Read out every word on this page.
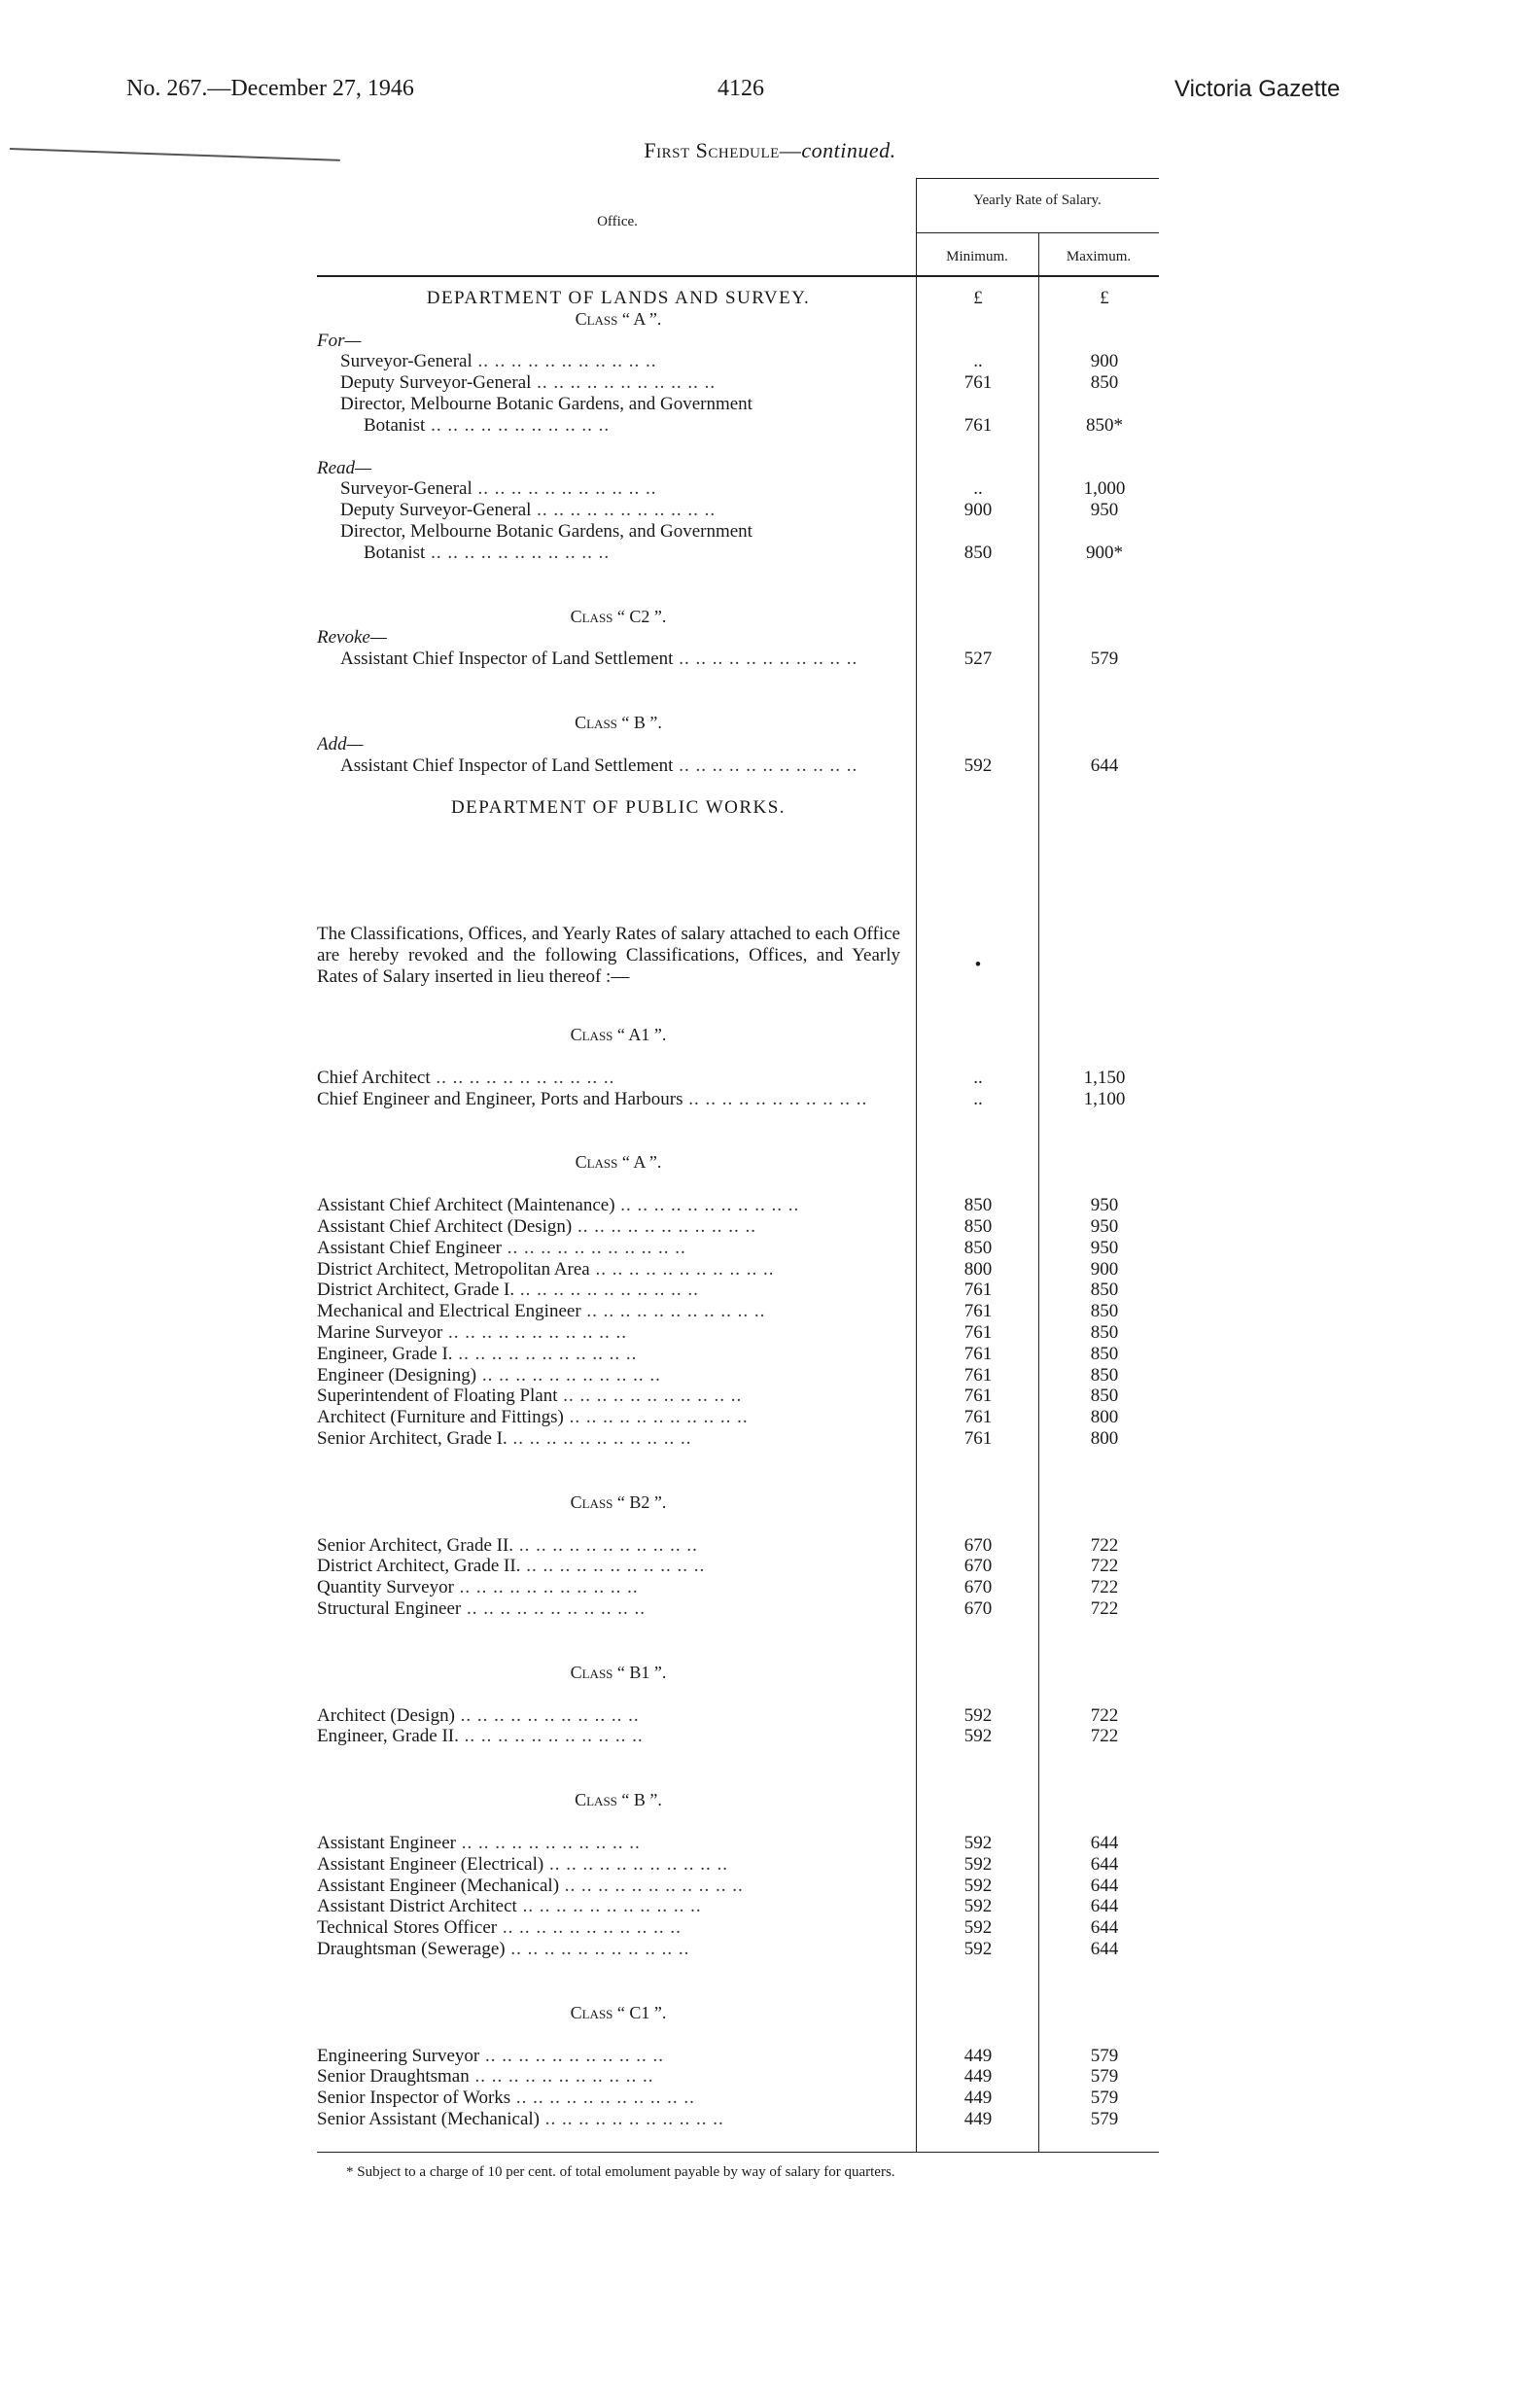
No. 267.—December 27, 1946	4126	Victoria Gazette
First Schedule—continued.
Office.
Yearly Rate of Salary.
Minimum.	Maximum.
DEPARTMENT OF LANDS AND SURVEY.	£	£
Class “ A ”.
For—
Surveyor-General .. .. .. .. .. .. .. .. .. .. ..	..	900
Deputy Surveyor-General .. .. .. .. .. .. .. .. .. .. ..	761	850
Director, Melbourne Botanic Gardens, and Government
Botanist .. .. .. .. .. .. .. .. .. .. ..	761	850*
Read—
Surveyor-General .. .. .. .. .. .. .. .. .. .. ..	..	1,000
Deputy Surveyor-General .. .. .. .. .. .. .. .. .. .. ..	900	950
Director, Melbourne Botanic Gardens, and Government
Botanist .. .. .. .. .. .. .. .. .. .. ..	850	900*
Class “ C2 ”.
Revoke—
Assistant Chief Inspector of Land Settlement .. .. .. .. .. .. .. .. .. .. ..	527	579
Class “ B ”.
Add—
Assistant Chief Inspector of Land Settlement .. .. .. .. .. .. .. .. .. .. ..	592	644
DEPARTMENT OF PUBLIC WORKS.
The Classifications, Offices, and Yearly Rates of salary attached to each Office are hereby revoked and the following Classifications, Offices, and Yearly Rates of Salary inserted in lieu thereof :—
•
Class “ A1 ”.
Chief Architect .. .. .. .. .. .. .. .. .. .. ..	..	1,150
Chief Engineer and Engineer, Ports and Harbours .. .. .. .. .. .. .. .. .. .. ..	..	1,100
Class “ A ”.
Assistant Chief Architect (Maintenance) .. .. .. .. .. .. .. .. .. .. ..	850	950
Assistant Chief Architect (Design) .. .. .. .. .. .. .. .. .. .. ..	850	950
Assistant Chief Engineer .. .. .. .. .. .. .. .. .. .. ..	850	950
District Architect, Metropolitan Area .. .. .. .. .. .. .. .. .. .. ..	800	900
District Architect, Grade I. .. .. .. .. .. .. .. .. .. .. ..	761	850
Mechanical and Electrical Engineer .. .. .. .. .. .. .. .. .. .. ..	761	850
Marine Surveyor .. .. .. .. .. .. .. .. .. .. ..	761	850
Engineer, Grade I. .. .. .. .. .. .. .. .. .. .. ..	761	850
Engineer (Designing) .. .. .. .. .. .. .. .. .. .. ..	761	850
Superintendent of Floating Plant .. .. .. .. .. .. .. .. .. .. ..	761	850
Architect (Furniture and Fittings) .. .. .. .. .. .. .. .. .. .. ..	761	800
Senior Architect, Grade I. .. .. .. .. .. .. .. .. .. .. ..	761	800
Class “ B2 ”.
Senior Architect, Grade II. .. .. .. .. .. .. .. .. .. .. ..	670	722
District Architect, Grade II. .. .. .. .. .. .. .. .. .. .. ..	670	722
Quantity Surveyor .. .. .. .. .. .. .. .. .. .. ..	670	722
Structural Engineer .. .. .. .. .. .. .. .. .. .. ..	670	722
Class “ B1 ”.
Architect (Design) .. .. .. .. .. .. .. .. .. .. ..	592	722
Engineer, Grade II. .. .. .. .. .. .. .. .. .. .. ..	592	722
Class “ B ”.
Assistant Engineer .. .. .. .. .. .. .. .. .. .. ..	592	644
Assistant Engineer (Electrical) .. .. .. .. .. .. .. .. .. .. ..	592	644
Assistant Engineer (Mechanical) .. .. .. .. .. .. .. .. .. .. ..	592	644
Assistant District Architect .. .. .. .. .. .. .. .. .. .. ..	592	644
Technical Stores Officer .. .. .. .. .. .. .. .. .. .. ..	592	644
Draughtsman (Sewerage) .. .. .. .. .. .. .. .. .. .. ..	592	644
Class “ C1 ”.
Engineering Surveyor .. .. .. .. .. .. .. .. .. .. ..	449	579
Senior Draughtsman .. .. .. .. .. .. .. .. .. .. ..	449	579
Senior Inspector of Works .. .. .. .. .. .. .. .. .. .. ..	449	579
Senior Assistant (Mechanical) .. .. .. .. .. .. .. .. .. .. ..	449	579
* Subject to a charge of 10 per cent. of total emolument payable by way of salary for quarters.
